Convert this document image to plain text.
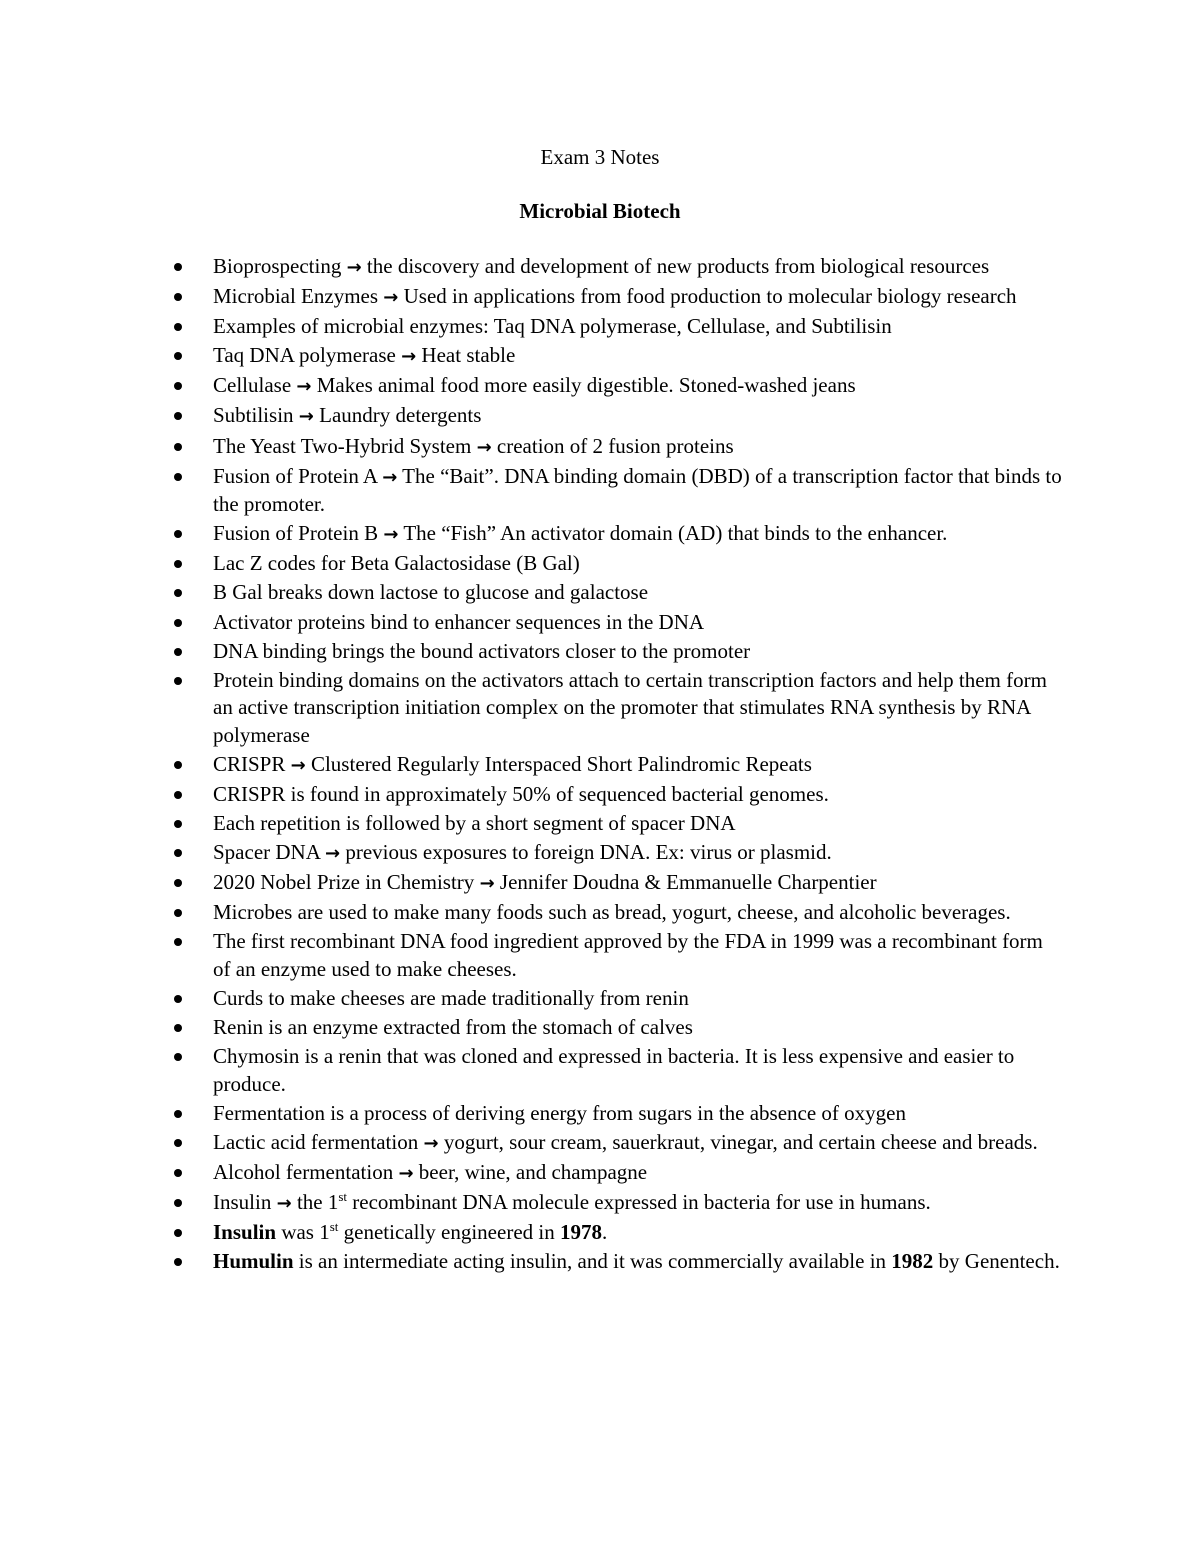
Exam 3 Notes
Microbial Biotech
Bioprospecting → the discovery and development of new products from biological resources
Microbial Enzymes → Used in applications from food production to molecular biology research
Examples of microbial enzymes: Taq DNA polymerase, Cellulase, and Subtilisin
Taq DNA polymerase → Heat stable
Cellulase → Makes animal food more easily digestible. Stoned-washed jeans
Subtilisin → Laundry detergents
The Yeast Two-Hybrid System → creation of 2 fusion proteins
Fusion of Protein A → The “Bait”. DNA binding domain (DBD) of a transcription factor that binds to the promoter.
Fusion of Protein B → The “Fish” An activator domain (AD) that binds to the enhancer.
Lac Z codes for Beta Galactosidase (B Gal)
B Gal breaks down lactose to glucose and galactose
Activator proteins bind to enhancer sequences in the DNA
DNA binding brings the bound activators closer to the promoter
Protein binding domains on the activators attach to certain transcription factors and help them form an active transcription initiation complex on the promoter that stimulates RNA synthesis by RNA polymerase
CRISPR → Clustered Regularly Interspaced Short Palindromic Repeats
CRISPR is found in approximately 50% of sequenced bacterial genomes.
Each repetition is followed by a short segment of spacer DNA
Spacer DNA → previous exposures to foreign DNA. Ex: virus or plasmid.
2020 Nobel Prize in Chemistry → Jennifer Doudna & Emmanuelle Charpentier
Microbes are used to make many foods such as bread, yogurt, cheese, and alcoholic beverages.
The first recombinant DNA food ingredient approved by the FDA in 1999 was a recombinant form of an enzyme used to make cheeses.
Curds to make cheeses are made traditionally from renin
Renin is an enzyme extracted from the stomach of calves
Chymosin is a renin that was cloned and expressed in bacteria. It is less expensive and easier to produce.
Fermentation is a process of deriving energy from sugars in the absence of oxygen
Lactic acid fermentation → yogurt, sour cream, sauerkraut, vinegar, and certain cheese and breads.
Alcohol fermentation → beer, wine, and champagne
Insulin → the 1st recombinant DNA molecule expressed in bacteria for use in humans.
Insulin was 1st genetically engineered in 1978.
Humulin is an intermediate acting insulin, and it was commercially available in 1982 by Genentech.
